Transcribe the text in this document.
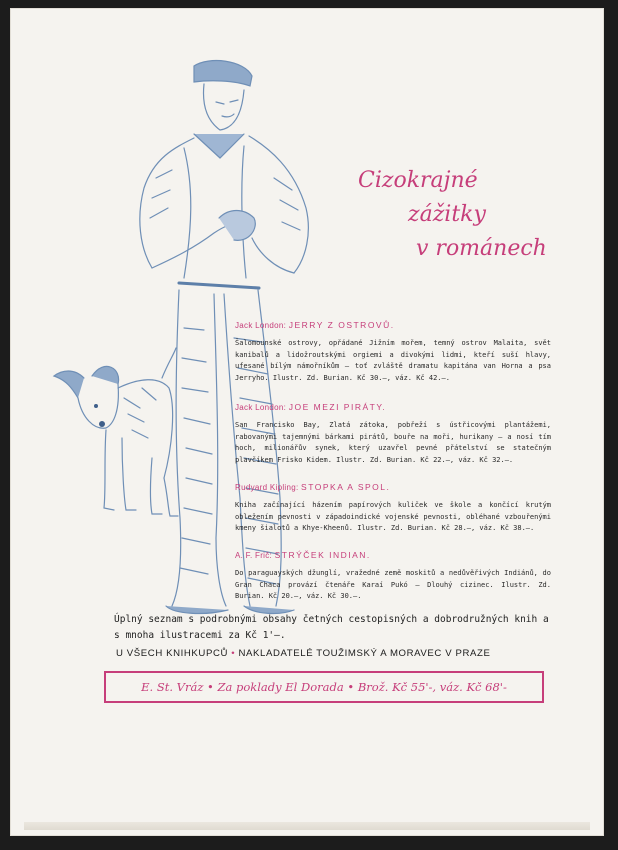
Cizokrajné
zážitky
v románech
Jack London: JERRY Z OSTROVŮ.
Šalomounské ostrovy, opřádané Jižním mořem, temný ostrov Malaita, svět kanibalů a lidožroutskými orgiemi a divokými lidmi, kteří suší hlavy, ufesané bílým námořníkům — toť zvláště dramatu kapitána van Horna a psa Jerryho. Ilustr. Zd. Burian. Kč 30.—, váz. Kč 42.—.
Jack London: JOE MEZI PIRÁTY.
San Francisko Bay, Zlatá zátoka, pobřeží s ústřicovými plantážemi, rabovanými tajemnými bárkami pirátů, bouře na moři, hurikany — a nosí tím hoch, milionářův synek, který uzavřel pevné přátelství se statečným plavčíkem Frisko Kidem. Ilustr. Zd. Burian. Kč 22.—, váz. Kč 32.—.
Rudyard Kipling: STOPKA A SPOL.
Kniha začínající házením papírových kuliček ve škole a končící krutým obležením pevnosti v západoindické vojenské pevnosti, obléhané vzbouřenými kmeny šialotů a Khye-Kheenů. Ilustr. Zd. Burian. Kč 28.—, váz. Kč 38.—.
A. F. Frič: STRÝČEK INDIAN.
Do paraguayských džunglí, vražedné země moskitů a nedůvěřivých Indiánů, do Gran Chaca provází čtenáře Karaí Pukó — Dlouhý cizinec. Ilustr. Zd. Burian. Kč 20.—, váz. Kč 30.—.
Úplný seznam s podrobnými obsahy četných cestopisných a dobrodružných knih a s mnoha ilustracemi za Kč 1'—.
U VŠECH KNIHKUPCŮ • NAKLADATELÉ TOUŽIMSKÝ A MORAVEC V PRAZE
E. St. Vráz • Za poklady El Dorada • Brož. Kč 55'-, váz. Kč 68'-
